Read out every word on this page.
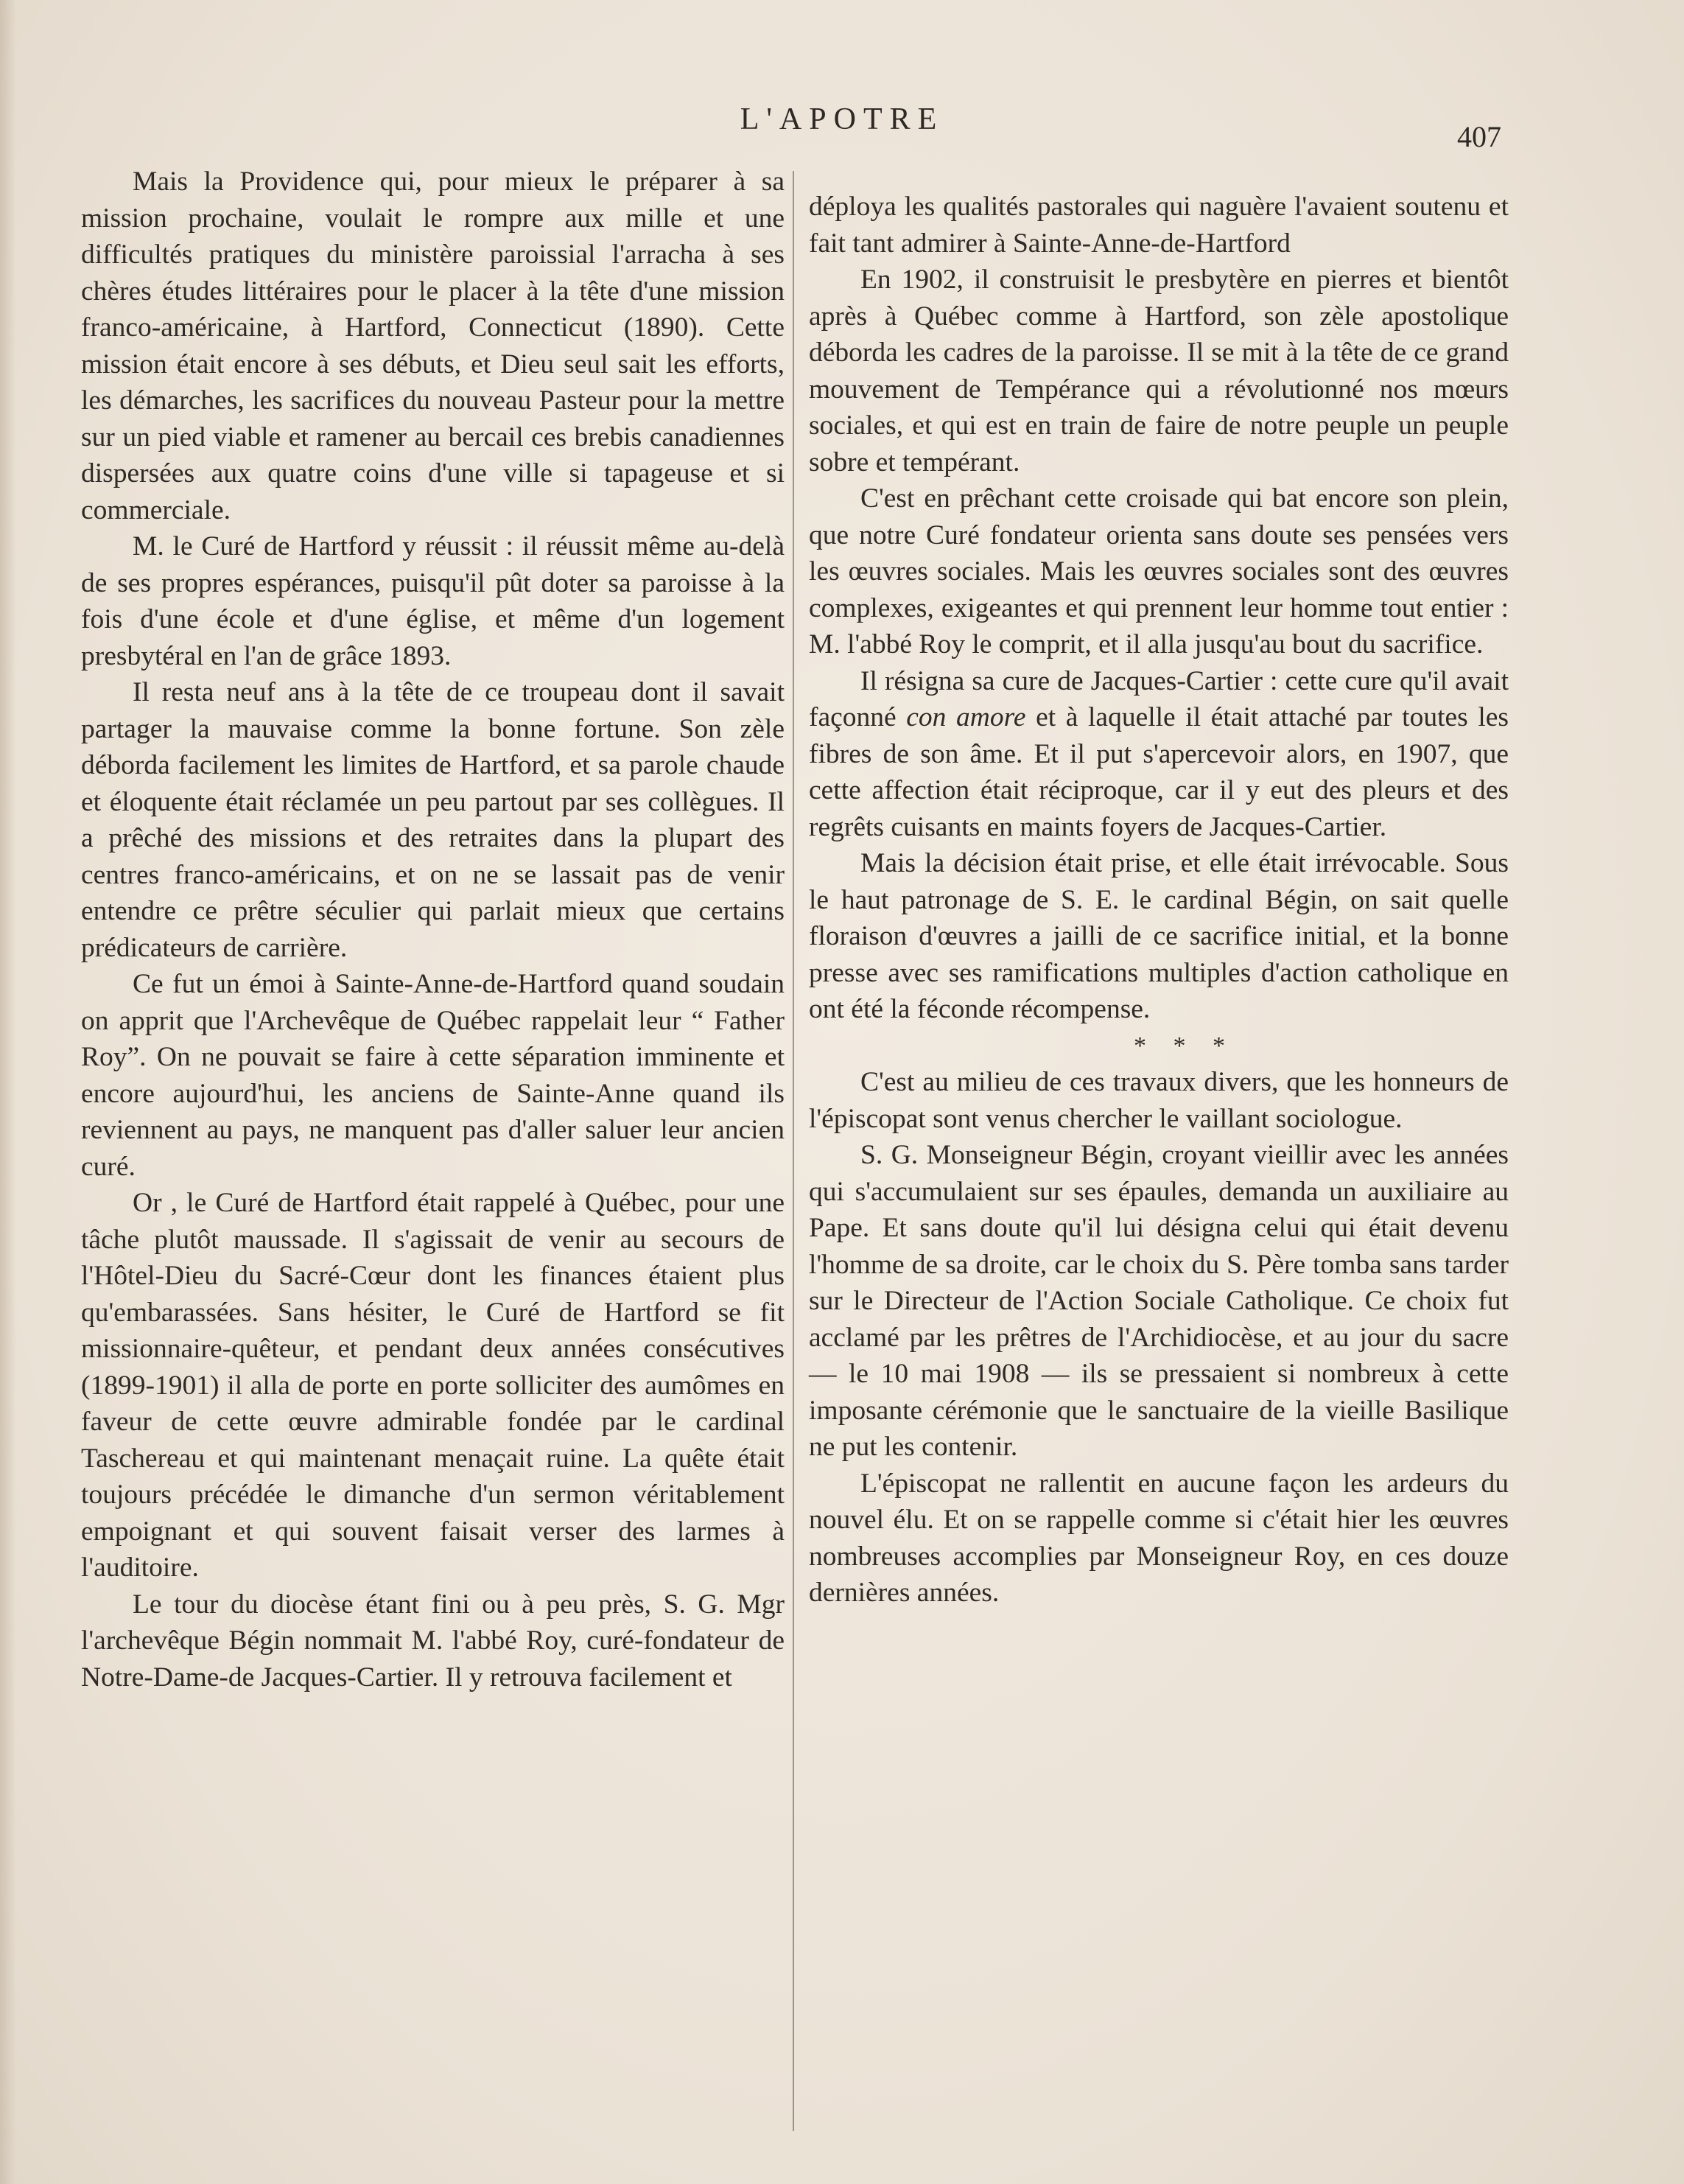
L'APOTRE
407

Mais la Providence qui, pour mieux le préparer à sa mission prochaine, voulait le rompre aux mille et une difficultés pratiques du ministère paroissial l'arracha à ses chères études littéraires pour le placer à la tête d'une mission franco-américaine, à Hartford, Connecticut (1890). Cette mission était encore à ses débuts, et Dieu seul sait les efforts, les démarches, les sacrifices du nouveau Pasteur pour la mettre sur un pied viable et ramener au bercail ces brebis canadiennes dispersées aux quatre coins d'une ville si tapageuse et si commerciale.

M. le Curé de Hartford y réussit : il réussit même au-delà de ses propres espérances, puisqu'il pût doter sa paroisse à la fois d'une école et d'une église, et même d'un logement presbytéral en l'an de grâce 1893.

Il resta neuf ans à la tête de ce troupeau dont il savait partager la mauvaise comme la bonne fortune. Son zèle déborda facilement les limites de Hartford, et sa parole chaude et éloquente était réclamée un peu partout par ses collègues. Il a prêché des missions et des retraites dans la plupart des centres franco-américains, et on ne se lassait pas de venir entendre ce prêtre séculier qui parlait mieux que certains prédicateurs de carrière.

Ce fut un émoi à Sainte-Anne-de-Hartford quand soudain on apprit que l'Archevêque de Québec rappelait leur “ Father Roy”. On ne pouvait se faire à cette séparation imminente et encore aujourd'hui, les anciens de Sainte-Anne quand ils reviennent au pays, ne manquent pas d'aller saluer leur ancien curé.

Or , le Curé de Hartford était rappelé à Québec, pour une tâche plutôt maussade. Il s'agissait de venir au secours de l'Hôtel-Dieu du Sacré-Cœur dont les finances étaient plus qu'embarassées. Sans hésiter, le Curé de Hartford se fit missionnaire-quêteur, et pendant deux années consécutives (1899-1901) il alla de porte en porte solliciter des aumômes en faveur de cette œuvre admirable fondée par le cardinal Taschereau et qui maintenant menaçait ruine. La quête était toujours précédée le dimanche d'un sermon véritablement empoignant et qui souvent faisait verser des larmes à l'auditoire.

Le tour du diocèse étant fini ou à peu près, S. G. Mgr l'archevêque Bégin nommait M. l'abbé Roy, curé-fondateur de Notre-Dame-de Jacques-Cartier. Il y retrouva facilement et

déploya les qualités pastorales qui naguère l'avaient soutenu et fait tant admirer à Sainte-Anne-de-Hartford

En 1902, il construisit le presbytère en pierres et bientôt après à Québec comme à Hartford, son zèle apostolique déborda les cadres de la paroisse. Il se mit à la tête de ce grand mouvement de Tempérance qui a révolutionné nos mœurs sociales, et qui est en train de faire de notre peuple un peuple sobre et tempérant.

C'est en prêchant cette croisade qui bat encore son plein, que notre Curé fondateur orienta sans doute ses pensées vers les œuvres sociales. Mais les œuvres sociales sont des œuvres complexes, exigeantes et qui prennent leur homme tout entier : M. l'abbé Roy le comprit, et il alla jusqu'au bout du sacrifice.

Il résigna sa cure de Jacques-Cartier : cette cure qu'il avait façonné con amore et à laquelle il était attaché par toutes les fibres de son âme. Et il put s'apercevoir alors, en 1907, que cette affection était réciproque, car il y eut des pleurs et des regrêts cuisants en maints foyers de Jacques-Cartier.

Mais la décision était prise, et elle était irrévocable. Sous le haut patronage de S. E. le cardinal Bégin, on sait quelle floraison d'œuvres a jailli de ce sacrifice initial, et la bonne presse avec ses ramifications multiples d'action catholique en ont été la féconde récompense.

* * *

C'est au milieu de ces travaux divers, que les honneurs de l'épiscopat sont venus chercher le vaillant sociologue.

S. G. Monseigneur Bégin, croyant vieillir avec les années qui s'accumulaient sur ses épaules, demanda un auxiliaire au Pape. Et sans doute qu'il lui désigna celui qui était devenu l'homme de sa droite, car le choix du S. Père tomba sans tarder sur le Directeur de l'Action Sociale Catholique. Ce choix fut acclamé par les prêtres de l'Archidiocèse, et au jour du sacre — le 10 mai 1908 — ils se pressaient si nombreux à cette imposante cérémonie que le sanctuaire de la vieille Basilique ne put les contenir.

L'épiscopat ne rallentit en aucune façon les ardeurs du nouvel élu. Et on se rappelle comme si c'était hier les œuvres nombreuses accomplies par Monseigneur Roy, en ces douze dernières années.
